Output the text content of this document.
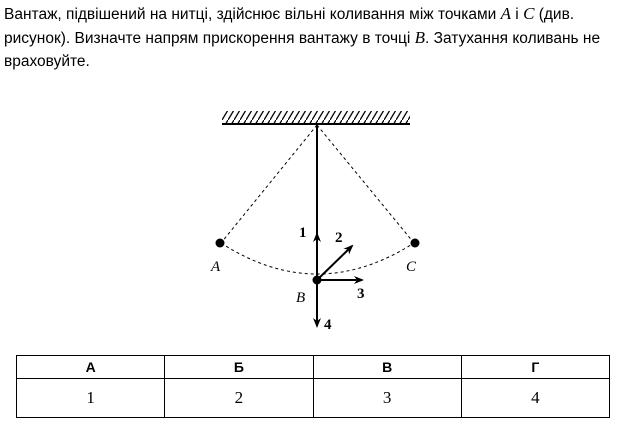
Вантаж, підвішений на нитці, здійснює вільні коливання між точками A і C (див. рисунок). Визначте напрям прискорення вантажу в точці B. Затухання коливань не враховуйте.
A	C
B
1 2
3
4
А	Б	В	Г
1	2	3	4
